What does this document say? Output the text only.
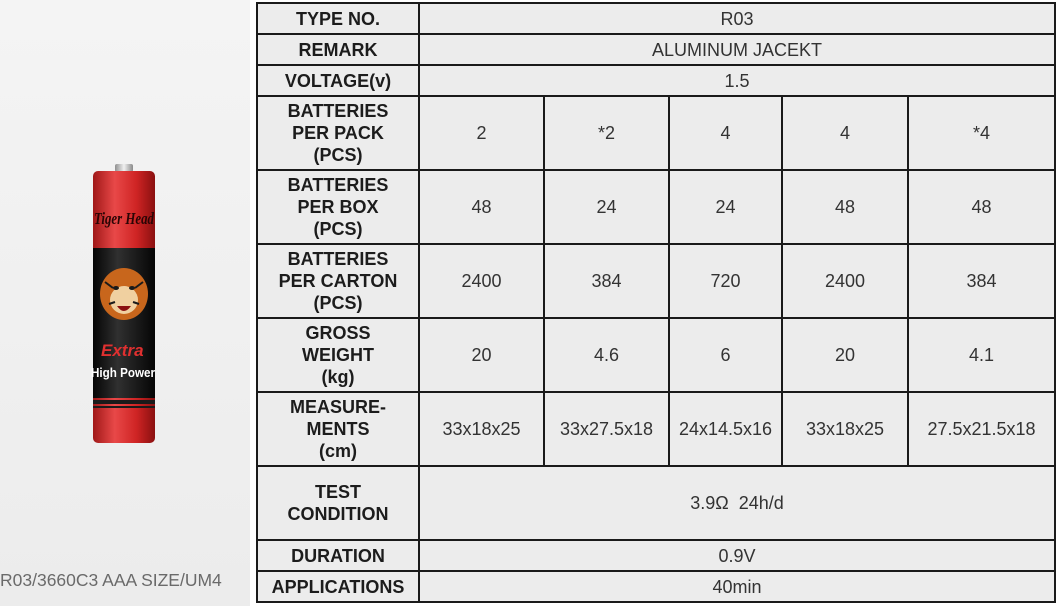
Tiger Head
Extra
High Power
R03/3660C3 AAA SIZE/UM4
TYPE NO.	R03				
REMARK	ALUMINUM JACEKT				
VOLTAGE(v)	1.5				
BATTERIES
PER PACK
(PCS)	2	*2	4	4	*4
BATTERIES
PER BOX
(PCS)	48	24	24	48	48
BATTERIES
PER CARTON
(PCS)	2400	384	720	2400	384
GROSS
WEIGHT
(kg)	20	4.6	6	20	4.1
MEASURE-
MENTS
(cm)	33x18x25	33x27.5x18	24x14.5x16	33x18x25	27.5x21.5x18
TEST
CONDITION	3.9Ω  24h/d				
DURATION	0.9V				
APPLICATIONS	40min				
